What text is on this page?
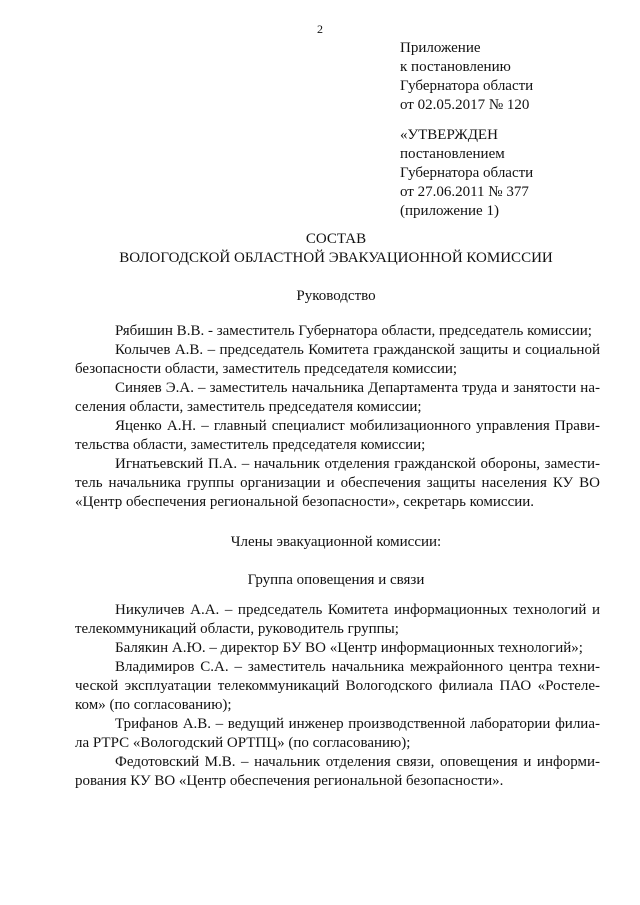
2
Приложение
к постановлению
Губернатора области
от 02.05.2017 № 120
«УТВЕРЖДЕН
постановлением
Губернатора области
от 27.06.2011 № 377
(приложение 1)
СОСТАВ
ВОЛОГОДСКОЙ ОБЛАСТНОЙ ЭВАКУАЦИОННОЙ КОМИССИИ
Руководство
Рябишин В.В. - заместитель Губернатора области, председатель комиссии;
Колычев А.В. – председатель Комитета гражданской защиты и социальной
безопасности области, заместитель председателя комиссии;
Синяев Э.А. – заместитель начальника Департамента труда и занятости на-
селения области, заместитель председателя комиссии;
Яценко А.Н. – главный специалист мобилизационного управления Прави-
тельства области, заместитель председателя комиссии;
Игнатьевский П.А. – начальник отделения гражданской обороны, замести-
тель начальника группы организации и обеспечения защиты населения КУ ВО
«Центр обеспечения региональной безопасности», секретарь комиссии.
Члены эвакуационной комиссии:
Группа оповещения и связи
Никуличев А.А. – председатель Комитета информационных технологий и
телекоммуникаций области, руководитель группы;
Балякин А.Ю. – директор БУ ВО «Центр информационных технологий»;
Владимиров С.А. – заместитель начальника межрайонного центра техни-
ческой эксплуатации телекоммуникаций Вологодского филиала ПАО «Ростеле-
ком» (по согласованию);
Трифанов А.В. – ведущий инженер производственной лаборатории филиа-
ла РТРС «Вологодский ОРТПЦ» (по согласованию);
Федотовский М.В. – начальник отделения связи, оповещения и информи-
рования КУ ВО «Центр обеспечения региональной безопасности».
